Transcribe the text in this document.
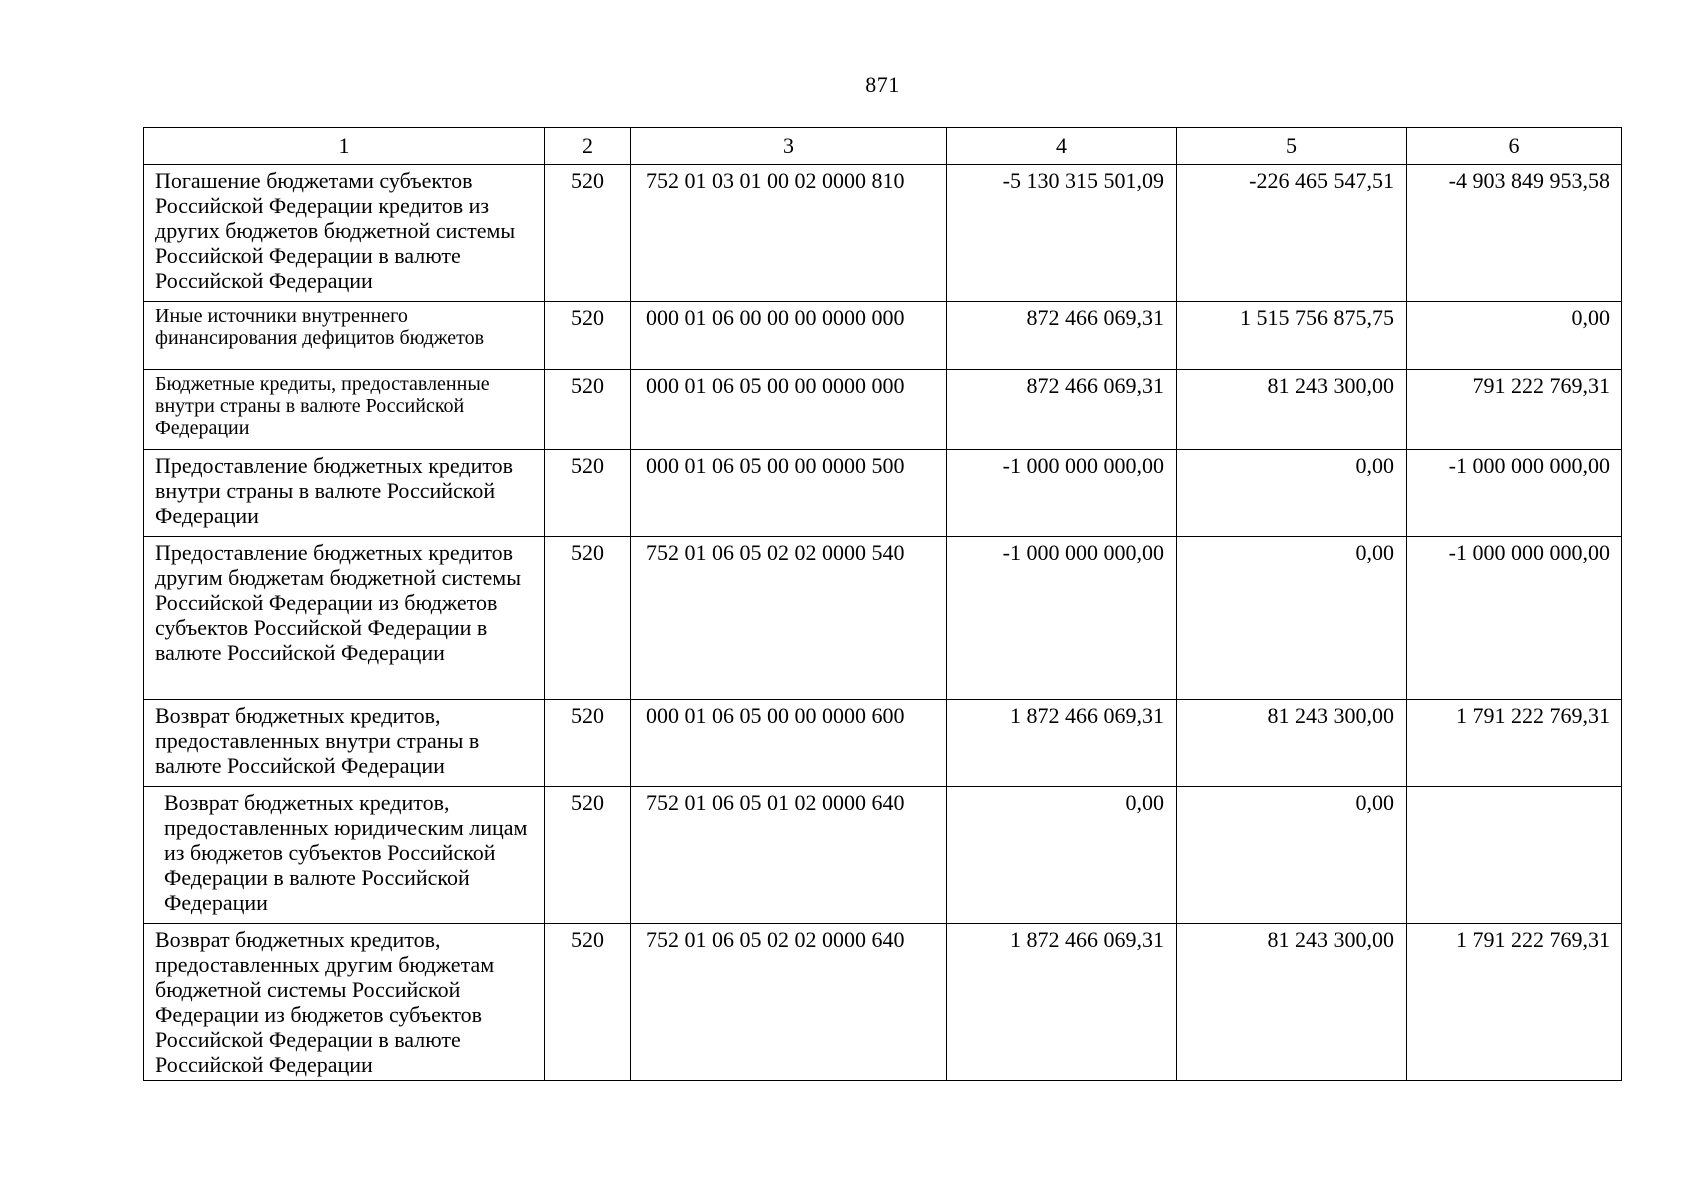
871
1	2	3	4	5	6
Погашение бюджетами субъектов Российской Федерации кредитов из других бюджетов бюджетной системы Российской Федерации в валюте Российской Федерации	520	752 01 03 01 00 02 0000 810	-5 130 315 501,09	-226 465 547,51	-4 903 849 953,58
Иные источники внутреннего финансирования дефицитов бюджетов	520	000 01 06 00 00 00 0000 000	872 466 069,31	1 515 756 875,75	0,00
Бюджетные кредиты, предоставленные внутри страны в валюте Российской Федерации	520	000 01 06 05 00 00 0000 000	872 466 069,31	81 243 300,00	791 222 769,31
Предоставление бюджетных кредитов внутри страны в валюте Российской Федерации	520	000 01 06 05 00 00 0000 500	-1 000 000 000,00	0,00	-1 000 000 000,00
Предоставление бюджетных кредитов другим бюджетам бюджетной системы Российской Федерации из бюджетов субъектов Российской Федерации в валюте Российской Федерации	520	752 01 06 05 02 02 0000 540	-1 000 000 000,00	0,00	-1 000 000 000,00
Возврат бюджетных кредитов, предоставленных внутри страны в валюте Российской Федерации	520	000 01 06 05 00 00 0000 600	1 872 466 069,31	81 243 300,00	1 791 222 769,31
Возврат бюджетных кредитов, предоставленных юридическим лицам из бюджетов субъектов Российской Федерации в валюте Российской Федерации	520	752 01 06 05 01 02 0000 640	0,00	0,00	
Возврат бюджетных кредитов, предоставленных другим бюджетам бюджетной системы Российской Федерации из бюджетов субъектов Российской Федерации в валюте Российской Федерации	520	752 01 06 05 02 02 0000 640	1 872 466 069,31	81 243 300,00	1 791 222 769,31
